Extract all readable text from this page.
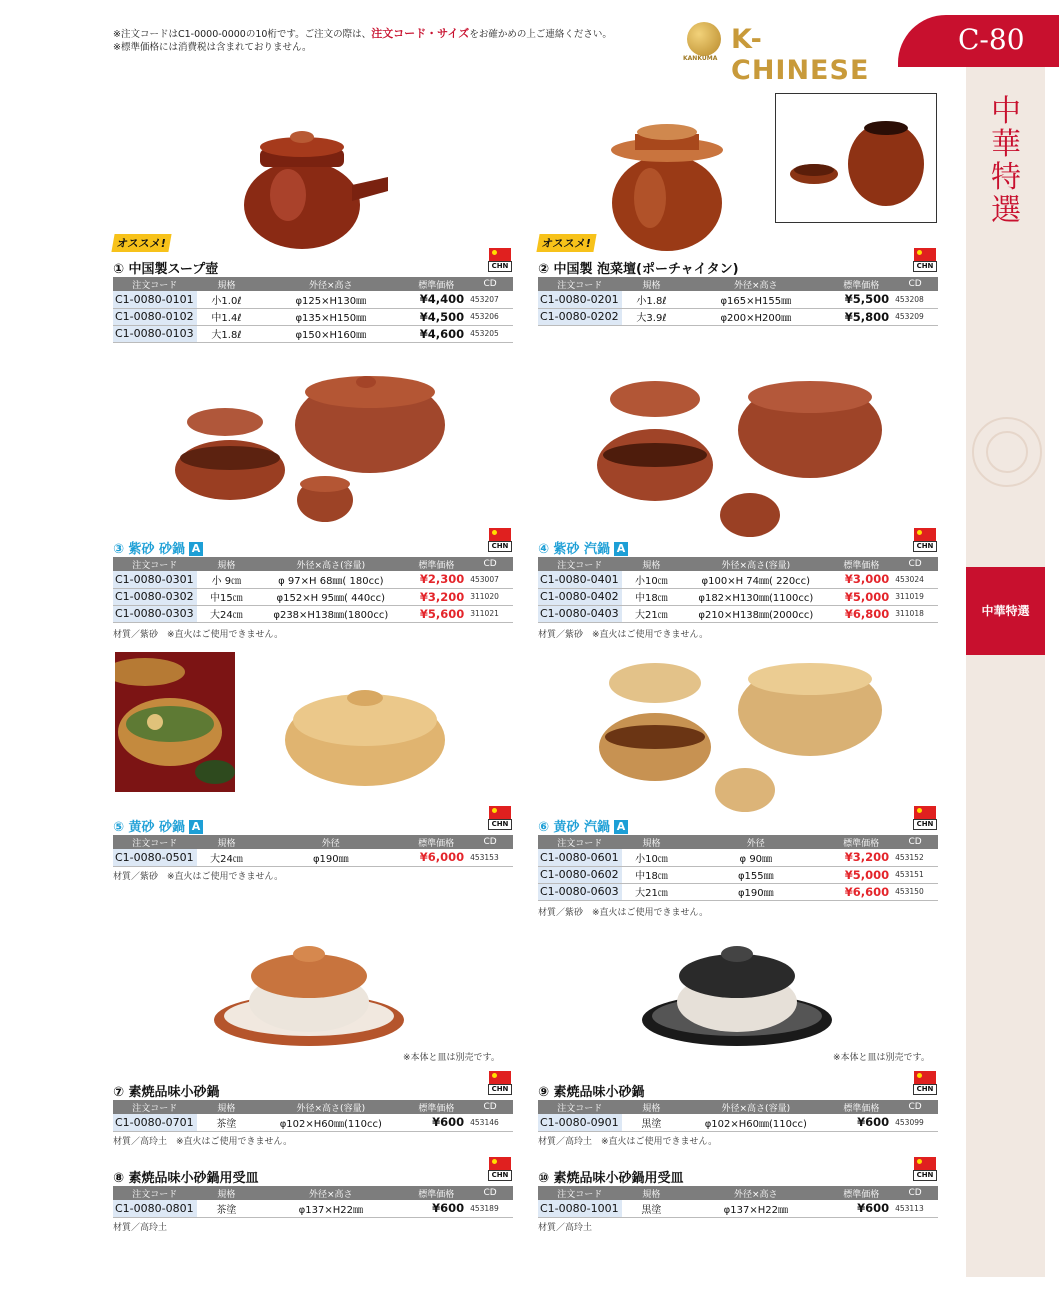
※注文コードはC1-0000-0000の10桁です。ご注文の際は、注文コード・サイズをお確かめの上ご連絡ください。
※標準価格には消費税は含まれておりません。
KANKUMA
K-CHINESE
C-80
中華特選
中華特選
オススメ!	オススメ!
※本体と皿は別売です。	※本体と皿は別売です。
① 中国製スープ壺	CHN
注文コード	規格	外径×高さ	標準価格	CD
C1-0080-0101	小1.0ℓ	φ125×H130㎜	¥4,400	453207
C1-0080-0102	中1.4ℓ	φ135×H150㎜	¥4,500	453206
C1-0080-0103	大1.8ℓ	φ150×H160㎜	¥4,600	453205
② 中国製 泡菜壇(ポーチャイタン)	CHN
注文コード	規格	外径×高さ	標準価格	CD
C1-0080-0201	小1.8ℓ	φ165×H155㎜	¥5,500	453208
C1-0080-0202	大3.9ℓ	φ200×H200㎜	¥5,800	453209
③ 紫砂 砂鍋 A	CHN
注文コード	規格	外径×高さ(容量)	標準価格	CD
C1-0080-0301	小 9㎝	φ 97×H 68㎜( 180cc)	¥2,300	453007
C1-0080-0302	中15㎝	φ152×H 95㎜( 440cc)	¥3,200	311020
C1-0080-0303	大24㎝	φ238×H138㎜(1800cc)	¥5,600	311021
材質／紫砂　※直火はご使用できません。
④ 紫砂 汽鍋 A	CHN
注文コード	規格	外径×高さ(容量)	標準価格	CD
C1-0080-0401	小10㎝	φ100×H 74㎜( 220cc)	¥3,000	453024
C1-0080-0402	中18㎝	φ182×H130㎜(1100cc)	¥5,000	311019
C1-0080-0403	大21㎝	φ210×H138㎜(2000cc)	¥6,800	311018
材質／紫砂　※直火はご使用できません。
⑤ 黄砂 砂鍋 A	CHN
注文コード	規格	外径	標準価格	CD
C1-0080-0501	大24㎝	φ190㎜	¥6,000	453153
材質／紫砂　※直火はご使用できません。
⑥ 黄砂 汽鍋 A	CHN
注文コード	規格	外径	標準価格	CD
C1-0080-0601	小10㎝	φ 90㎜	¥3,200	453152
C1-0080-0602	中18㎝	φ155㎜	¥5,000	453151
C1-0080-0603	大21㎝	φ190㎜	¥6,600	453150
材質／紫砂　※直火はご使用できません。
⑦ 素焼品味小砂鍋	CHN
注文コード	規格	外径×高さ(容量)	標準価格	CD
C1-0080-0701	茶塗	φ102×H60㎜(110cc)	¥600	453146
材質／高玲土　※直火はご使用できません。
⑨ 素焼品味小砂鍋	CHN
注文コード	規格	外径×高さ(容量)	標準価格	CD
C1-0080-0901	黒塗	φ102×H60㎜(110cc)	¥600	453099
材質／高玲土　※直火はご使用できません。
⑧ 素焼品味小砂鍋用受皿	CHN
注文コード	規格	外径×高さ	標準価格	CD
C1-0080-0801	茶塗	φ137×H22㎜	¥600	453189
材質／高玲土
⑩ 素焼品味小砂鍋用受皿	CHN
注文コード	規格	外径×高さ	標準価格	CD
C1-0080-1001	黒塗	φ137×H22㎜	¥600	453113
材質／高玲土
